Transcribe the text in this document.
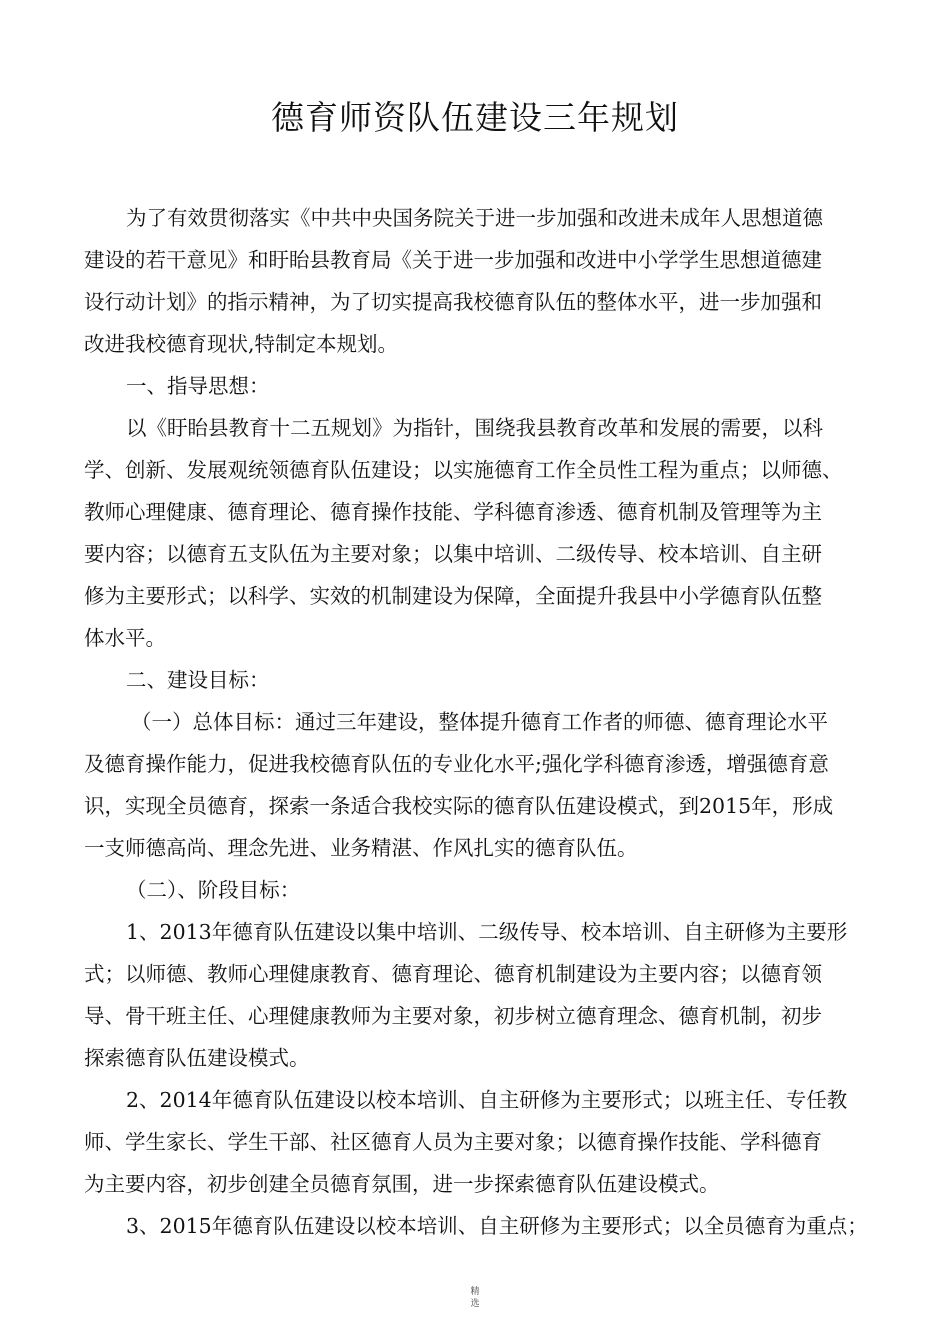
德育师资队伍建设三年规划
为了有效贯彻落实《中共中央国务院关于进一步加强和改进未成年人思想道德
建设的若干意见》和盱眙县教育局《关于进一步加强和改进中小学学生思想道德建
设行动计划》的指示精神，为了切实提高我校德育队伍的整体水平，进一步加强和
改进我校德育现状,特制定本规划。
一、指导思想：
以《盱眙县教育十二五规划》为指针，围绕我县教育改革和发展的需要，以科
学、创新、发展观统领德育队伍建设；以实施德育工作全员性工程为重点；以师德、
教师心理健康、德育理论、德育操作技能、学科德育渗透、德育机制及管理等为主
要内容；以德育五支队伍为主要对象；以集中培训、二级传导、校本培训、自主研
修为主要形式；以科学、实效的机制建设为保障，全面提升我县中小学德育队伍整
体水平。
二、建设目标：
（一）总体目标：通过三年建设，整体提升德育工作者的师德、德育理论水平
及德育操作能力，促进我校德育队伍的专业化水平;强化学科德育渗透，增强德育意
识，实现全员德育，探索一条适合我校实际的德育队伍建设模式，到2015年，形成
一支师德高尚、理念先进、业务精湛、作风扎实的德育队伍。
（二）、阶段目标：
1、2013年德育队伍建设以集中培训、二级传导、校本培训、自主研修为主要形
式；以师德、教师心理健康教育、德育理论、德育机制建设为主要内容；以德育领
导、骨干班主任、心理健康教师为主要对象，初步树立德育理念、德育机制，初步
探索德育队伍建设模式。
2、2014年德育队伍建设以校本培训、自主研修为主要形式；以班主任、专任教
师、学生家长、学生干部、社区德育人员为主要对象；以德育操作技能、学科德育
为主要内容，初步创建全员德育氛围，进一步探索德育队伍建设模式。
3、2015年德育队伍建设以校本培训、自主研修为主要形式；以全员德育为重点；
精
选
